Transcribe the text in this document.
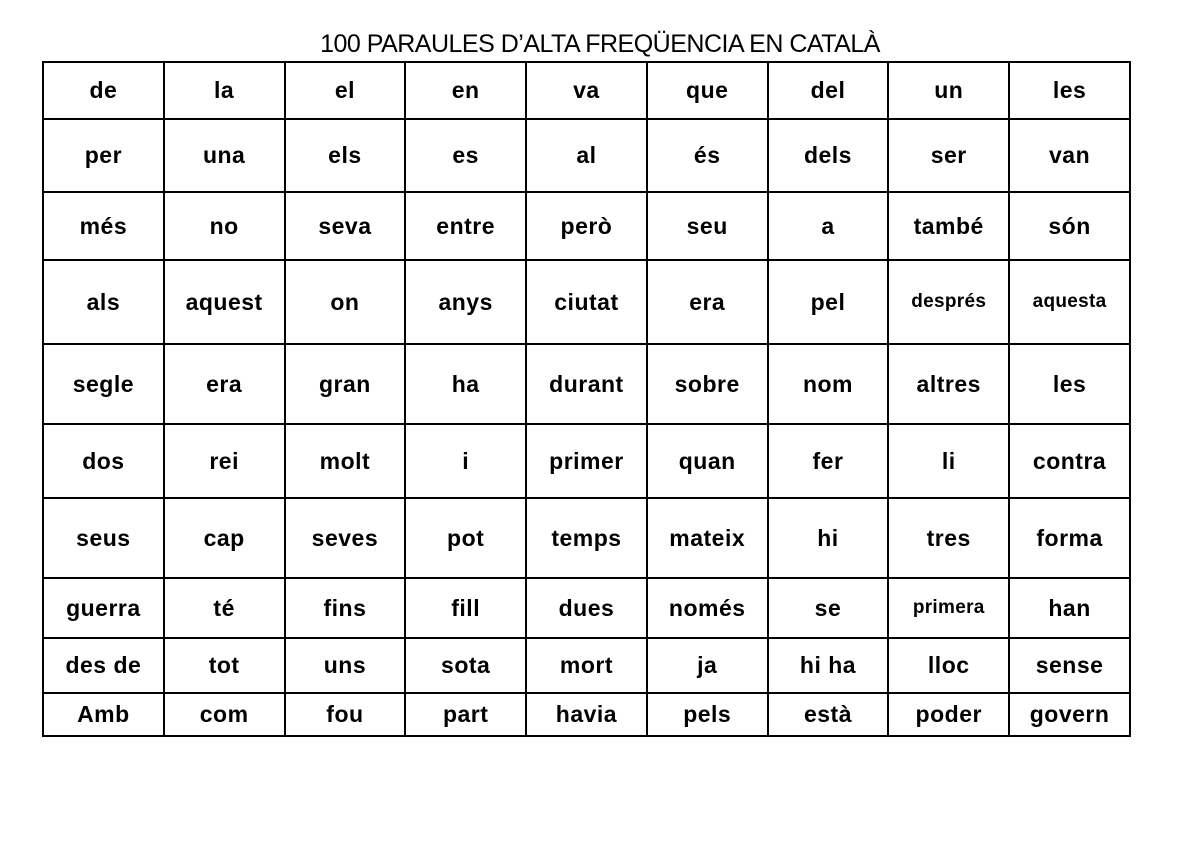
100 PARAULES D’ALTA FREQÜENCIA EN CATALÀ
de	la	el	en	va	que	del	un	les
per	una	els	es	al	és	dels	ser	van
més	no	seva	entre	però	seu	a	també	són
als	aquest	on	anys	ciutat	era	pel	després	aquesta
segle	era	gran	ha	durant	sobre	nom	altres	les
dos	rei	molt	i	primer	quan	fer	li	contra
seus	cap	seves	pot	temps	mateix	hi	tres	forma
guerra	té	fins	fill	dues	només	se	primera	han
des de	tot	uns	sota	mort	ja	hi ha	lloc	sense
Amb	com	fou	part	havia	pels	està	poder	govern
